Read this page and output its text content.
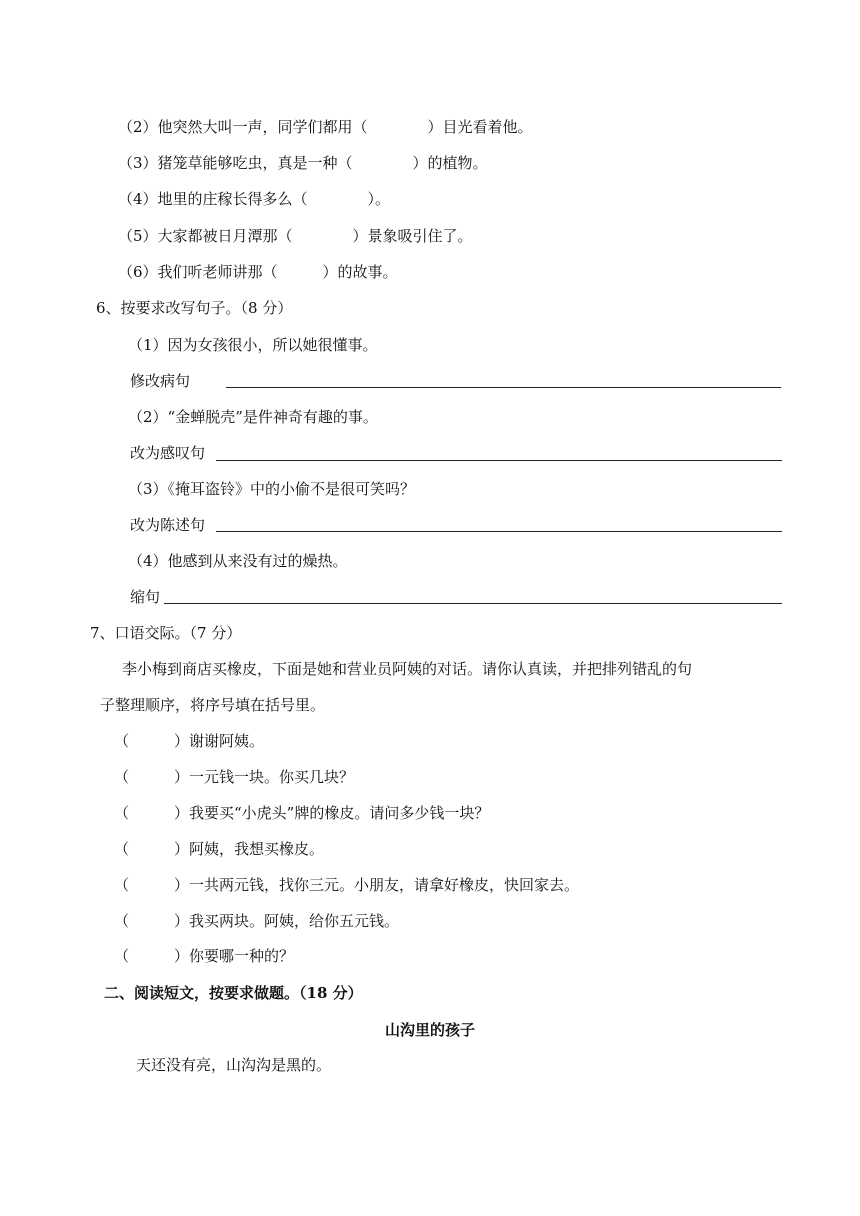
（2）他突然大叫一声，同学们都用（　　　　）目光看着他。
（3）猪笼草能够吃虫，真是一种（　　　　）的植物。
（4）地里的庄稼长得多么（　　　　）。
（5）大家都被日月潭那（　　　　）景象吸引住了。
（6）我们听老师讲那（　　　）的故事。
6、按要求改写句子。（8 分）
（1）因为女孩很小，所以她很懂事。
修改病句
（2）“金蝉脱壳”是件神奇有趣的事。
改为感叹句
（3）《掩耳盗铃》中的小偷不是很可笑吗？
改为陈述句
（4）他感到从来没有过的燥热。
缩句
7、口语交际。（7 分）
李小梅到商店买橡皮，下面是她和营业员阿姨的对话。请你认真读，并把排列错乱的句
子整理顺序，将序号填在括号里。
（　　　）谢谢阿姨。
（　　　）一元钱一块。你买几块？
（　　　）我要买“小虎头”牌的橡皮。请问多少钱一块？
（　　　）阿姨，我想买橡皮。
（　　　）一共两元钱，找你三元。小朋友，请拿好橡皮，快回家去。
（　　　）我买两块。阿姨，给你五元钱。
（　　　）你要哪一种的？
二、阅读短文，按要求做题。（18 分）
山沟里的孩子
天还没有亮，山沟沟是黑的。
